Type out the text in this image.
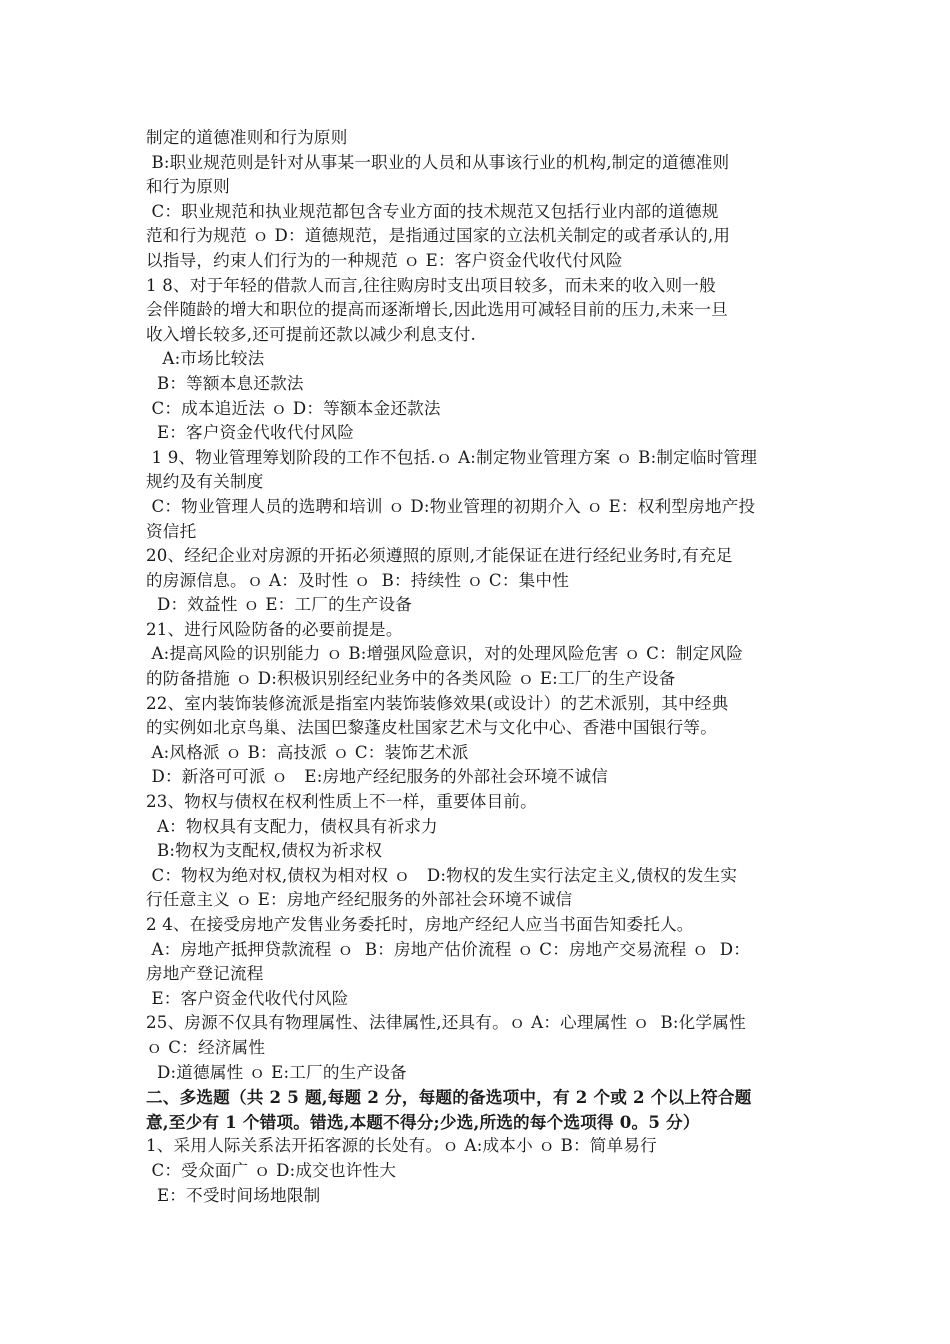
制定的道德准则和行为原则
B:职业规范则是针对从事某一职业的人员和从事该行业的机构,制定的道德准则
和行为原则
C：职业规范和执业规范都包含专业方面的技术规范又包括行业内部的道德规
范和行为规范 ｏ D：道德规范，是指通过国家的立法机关制定的或者承认的,用
以指导，约束人们行为的一种规范 ｏ E：客户资金代收代付风险
1 8、对于年轻的借款人而言,往往购房时支出项目较多，而未来的收入则一般
会伴随龄的增大和职位的提高而逐渐增长,因此选用可减轻目前的压力,未来一旦
收入增长较多,还可提前还款以减少利息支付.
A:市场比较法
B：等额本息还款法
C：成本追近法 ｏ D：等额本金还款法
E：客户资金代收代付风险
1 9、物业管理筹划阶段的工作不包括.ｏ A:制定物业管理方案 ｏ B:制定临时管理
规约及有关制度
C：物业管理人员的选聘和培训 ｏ D:物业管理的初期介入 ｏ E：权利型房地产投
资信托
20、经纪企业对房源的开拓必须遵照的原则,才能保证在进行经纪业务时,有充足
的房源信息。ｏ A：及时性 ｏ  B：持续性 ｏ C：集中性
D：效益性 ｏ E：工厂的生产设备
21、进行风险防备的必要前提是。
A:提高风险的识别能力 ｏ B:增强风险意识，对的处理风险危害 ｏ C：制定风险
的防备措施 ｏ D:积极识别经纪业务中的各类风险 ｏ E:工厂的生产设备
22、室内装饰装修流派是指室内装饰装修效果(或设计）的艺术派别，其中经典
的实例如北京鸟巢、法国巴黎蓬皮杜国家艺术与文化中心、香港中国银行等。
A:风格派 ｏ B：高技派 ｏ C：装饰艺术派
D：新洛可可派 ｏ   E:房地产经纪服务的外部社会环境不诚信
23、物权与债权在权利性质上不一样，重要体目前。
A：物权具有支配力，债权具有祈求力
B:物权为支配权,债权为祈求权
C：物权为绝对权,债权为相对权 ｏ   D:物权的发生实行法定主义,债权的发生实
行任意主义 ｏ E：房地产经纪服务的外部社会环境不诚信
2 4、在接受房地产发售业务委托时，房地产经纪人应当书面告知委托人。
A：房地产抵押贷款流程 ｏ  B：房地产估价流程 ｏ C：房地产交易流程 ｏ  D：
房地产登记流程
E：客户资金代收代付风险
25、房源不仅具有物理属性、法律属性,还具有。ｏ A：心理属性 ｏ  B:化学属性
ｏ C：经济属性
D:道德属性 ｏ E:工厂的生产设备
二、多选题（共 2 5 题,每题 2 分，每题的备选项中，有 2 个或 2 个以上符合题
意,至少有 1 个错项。错选,本题不得分;少选,所选的每个选项得 0。5 分）
1、采用人际关系法开拓客源的长处有。ｏ A:成本小 ｏ B：简单易行
C：受众面广 ｏ D:成交也许性大
E：不受时间场地限制
